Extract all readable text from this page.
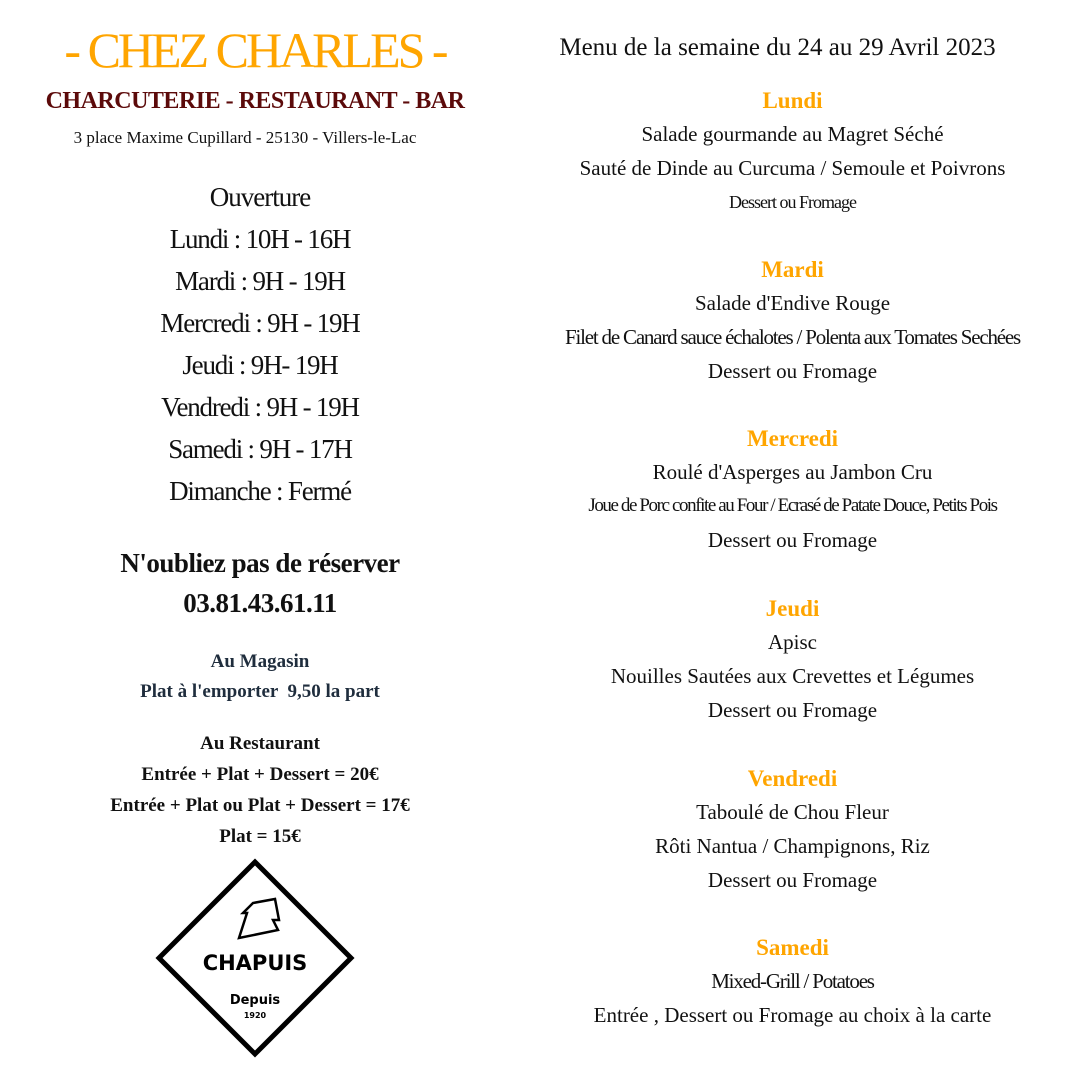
- CHEZ CHARLES -
CHARCUTERIE - RESTAURANT - BAR
3 place Maxime Cupillard - 25130 - Villers-le-Lac
Ouverture
Lundi : 10H - 16H
Mardi : 9H - 19H
Mercredi : 9H - 19H
Jeudi : 9H- 19H
Vendredi : 9H - 19H
Samedi : 9H - 17H
Dimanche : Fermé
N'oubliez pas de réserver
03.81.43.61.11
Au Magasin
Plat à l'emporter  9,50 la part
Au Restaurant
Entrée + Plat + Dessert = 20€
Entrée + Plat ou Plat + Dessert = 17€
Plat = 15€
CHAPUIS
Depuis
1920
Menu de la semaine du 24 au 29 Avril 2023
Lundi
Salade gourmande au Magret Séché
Sauté de Dinde au Curcuma / Semoule et Poivrons
Dessert ou Fromage
Mardi
Salade d'Endive Rouge
Filet de Canard sauce échalotes / Polenta aux Tomates Sechées
Dessert ou Fromage
Mercredi
Roulé d'Asperges au Jambon Cru
Joue de Porc confite au Four / Ecrasé de Patate Douce, Petits Pois
Dessert ou Fromage
Jeudi
Apisc
Nouilles Sautées aux Crevettes et Légumes
Dessert ou Fromage
Vendredi
Taboulé de Chou Fleur
Rôti Nantua / Champignons, Riz
Dessert ou Fromage
Samedi
Mixed-Grill / Potatoes
Entrée , Dessert ou Fromage au choix à la carte
